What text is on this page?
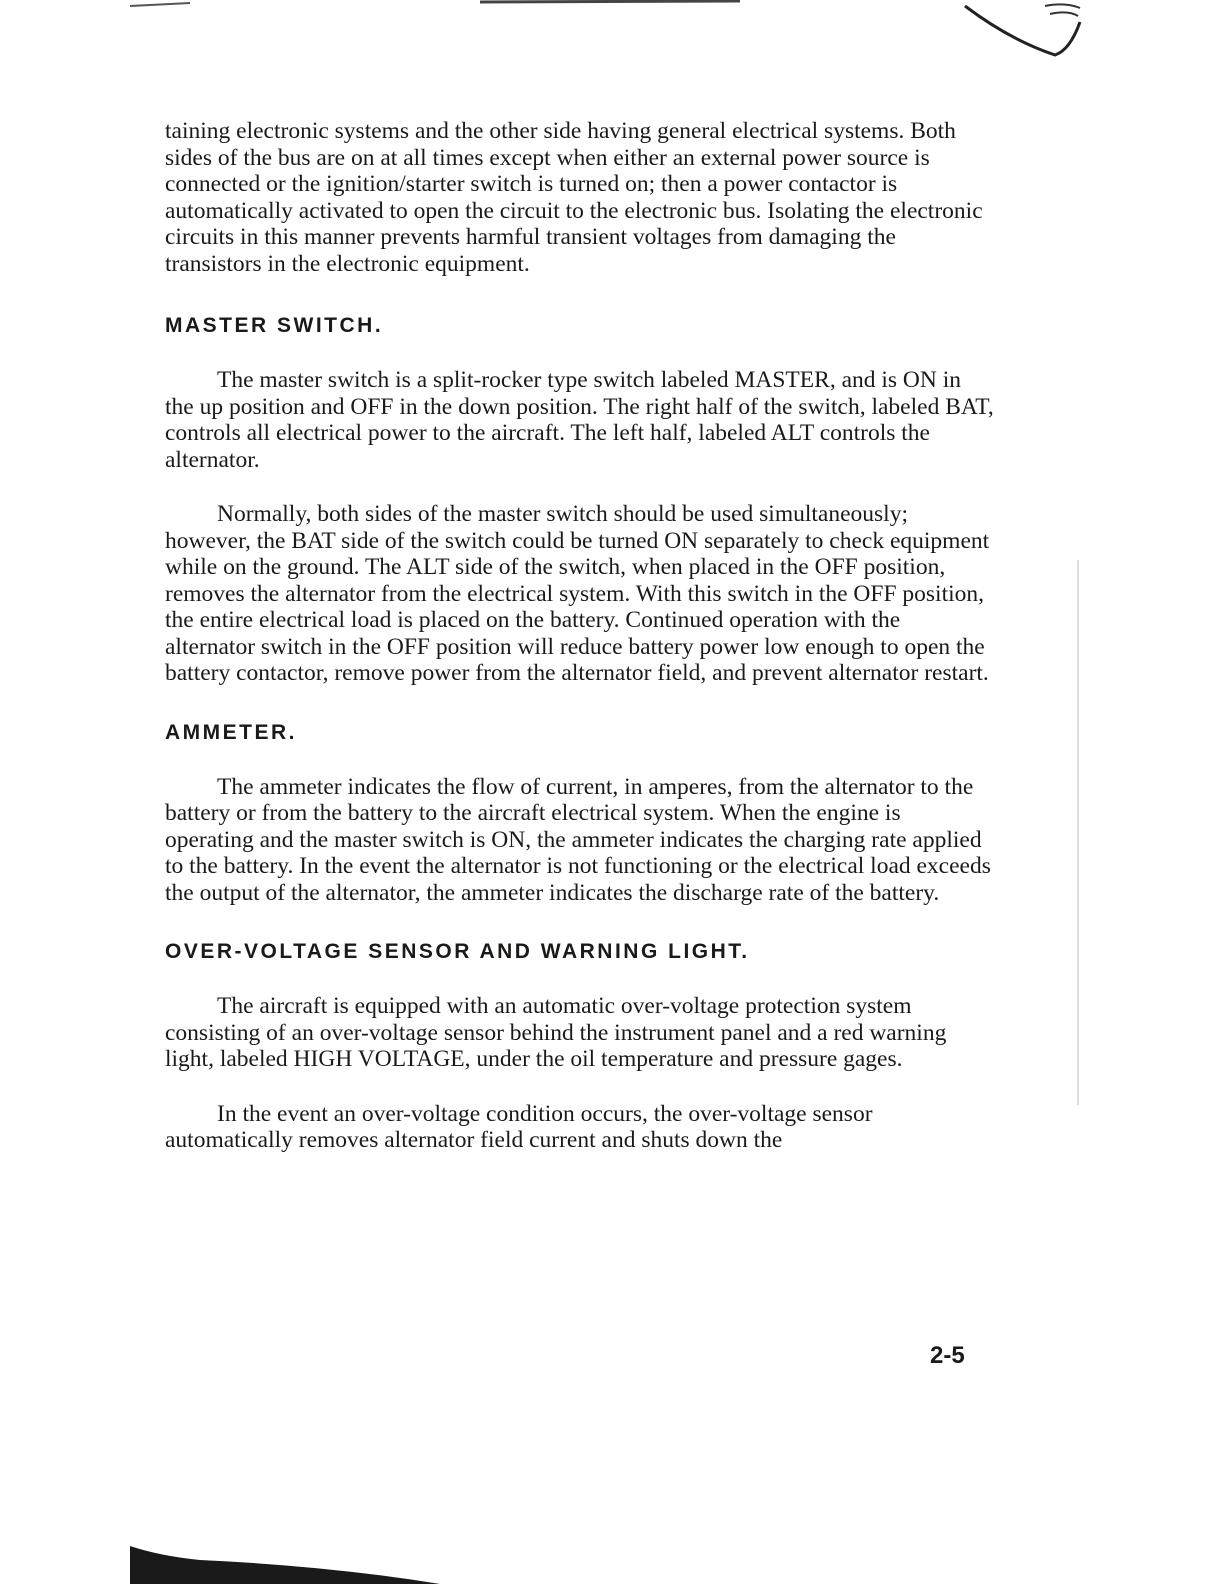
taining electronic systems and the other side having general electrical systems. Both sides of the bus are on at all times except when either an external power source is connected or the ignition/starter switch is turned on; then a power contactor is automatically activated to open the circuit to the electronic bus. Isolating the electronic circuits in this manner prevents harmful transient voltages from damaging the transistors in the electronic equipment.

MASTER SWITCH.

The master switch is a split-rocker type switch labeled MASTER, and is ON in the up position and OFF in the down position. The right half of the switch, labeled BAT, controls all electrical power to the aircraft. The left half, labeled ALT controls the alternator.

Normally, both sides of the master switch should be used simultaneously; however, the BAT side of the switch could be turned ON separately to check equipment while on the ground. The ALT side of the switch, when placed in the OFF position, removes the alternator from the electrical system. With this switch in the OFF position, the entire electrical load is placed on the battery. Continued operation with the alternator switch in the OFF position will reduce battery power low enough to open the battery contactor, remove power from the alternator field, and prevent alternator restart.

AMMETER.

The ammeter indicates the flow of current, in amperes, from the alternator to the battery or from the battery to the aircraft electrical system. When the engine is operating and the master switch is ON, the ammeter indicates the charging rate applied to the battery. In the event the alternator is not functioning or the electrical load exceeds the output of the alternator, the ammeter indicates the discharge rate of the battery.

OVER-VOLTAGE SENSOR AND WARNING LIGHT.

The aircraft is equipped with an automatic over-voltage protection system consisting of an over-voltage sensor behind the instrument panel and a red warning light, labeled HIGH VOLTAGE, under the oil temperature and pressure gages.

In the event an over-voltage condition occurs, the over-voltage sensor automatically removes alternator field current and shuts down the

2-5
